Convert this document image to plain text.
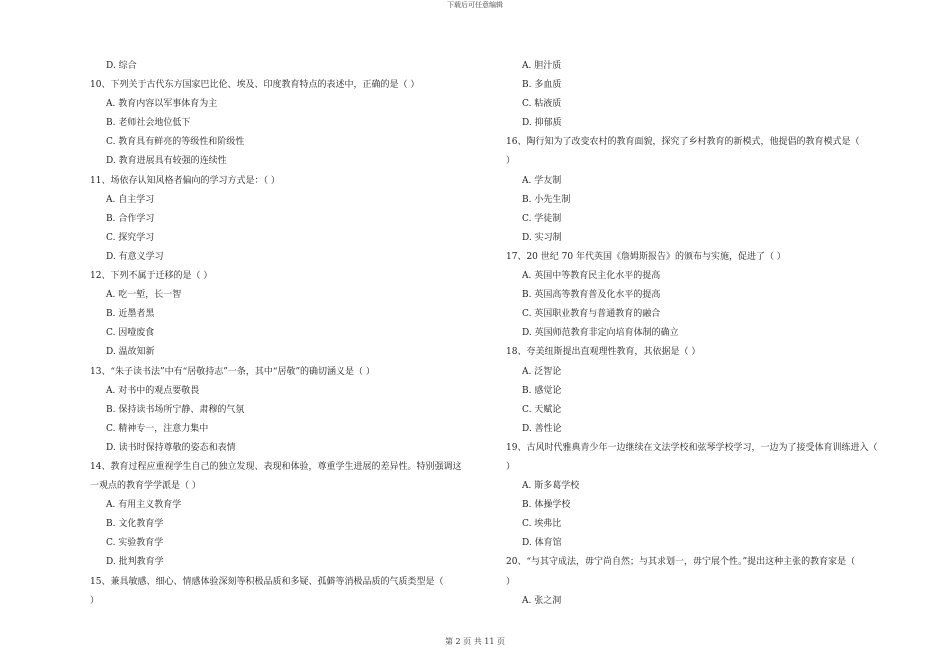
下载后可任意编辑
D. 综合
10、下列关于古代东方国家巴比伦、埃及、印度教育特点的表述中，正确的是（ ）
A. 教育内容以军事体育为主
B. 老师社会地位低下
C. 教育具有鲜亮的等级性和阶级性
D. 教育进展具有较强的连续性
11、场依存认知风格者偏向的学习方式是：（ ）
A. 自主学习
B. 合作学习
C. 探究学习
D. 有意义学习
12、下列不属于迁移的是（ ）
A. 吃一堑，长一智
B. 近墨者黑
C. 因噎废食
D. 温故知新
13、“朱子读书法”中有“居敬持志”一条，其中“居敬”的确切涵义是（ ）
A. 对书中的观点要敬畏
B. 保持读书场所宁静、肃穆的气氛
C. 精神专一，注意力集中
D. 读书时保持尊敬的姿态和表情
14、教育过程应重视学生自己的独立发现、表现和体验，尊重学生进展的差异性。特别强调这
一观点的教育学学派是（ ）
A. 有用主义教育学
B. 文化教育学
C. 实验教育学
D. 批判教育学
15、兼具敏感、细心、情感体验深刻等积极品质和多疑、孤僻等消极品质的气质类型是（
）
A. 胆汁质
B. 多血质
C. 粘液质
D. 抑郁质
16、陶行知为了改变农村的教育面貌，探究了乡村教育的新模式，他提倡的教育模式是（
）
A. 学友制
B. 小先生制
C. 学徒制
D. 实习制
17、20 世纪 70 年代英国《詹姆斯报告》的颁布与实施，促进了（ ）
A. 英国中等教育民主化水平的提高
B. 英国高等教育普及化水平的提高
C. 英国职业教育与普通教育的融合
D. 英国师范教育非定向培育体制的确立
18、夸美纽斯提出直观理性教育，其依据是（ ）
A. 泛智论
B. 感觉论
C. 天赋论
D. 善性论
19、古风时代雅典青少年一边继续在文法学校和弦琴学校学习，一边为了接受体育训练进入（
）
A. 斯多葛学校
B. 体操学校
C. 埃弗比
D. 体育馆
20、“与其守成法，毋宁尚自然；与其求划一，毋宁展个性。”提出这种主张的教育家是（
）
A. 张之洞
第 2 页 共 11 页
